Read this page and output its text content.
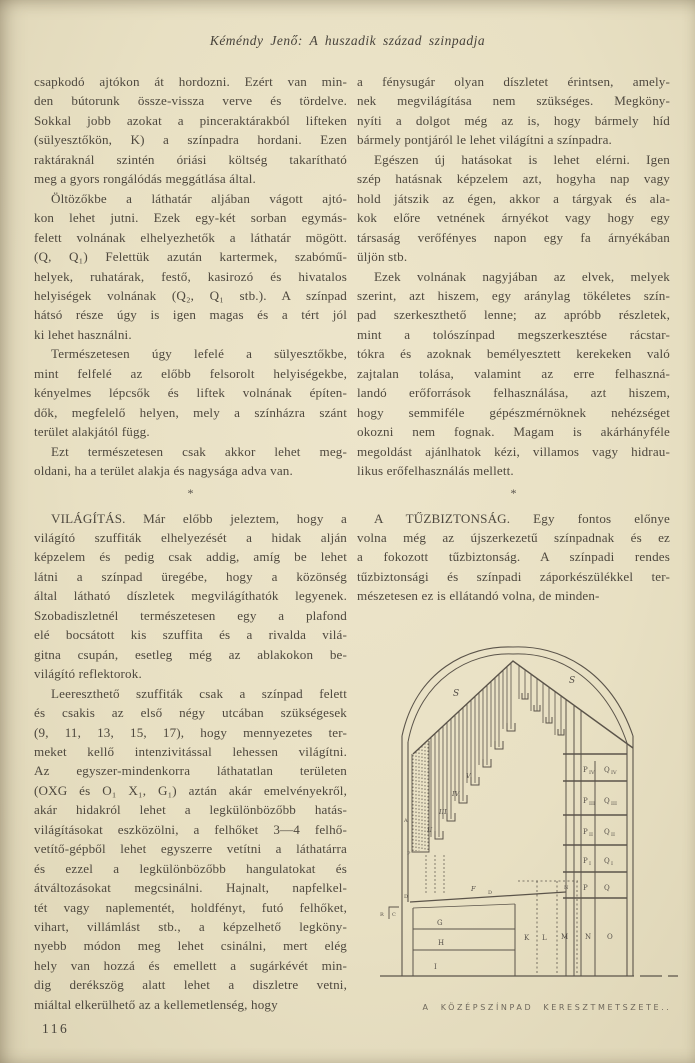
Kéméndy Jenő: A huszadik század szinpadja
csapkodó ajtókon át hordozni. Ezért van min-
den bútorunk össze-vissza verve és tördelve.
Sokkal jobb azokat a pinceraktárakból lifteken
(sülyesztőkön, K) a színpadra hordani. Ezen
raktáraknál szintén óriási költség takarítható
meg a gyors rongálódás meggátlása által.
Öltözőkbe a láthatár aljában vágott ajtó-
kon lehet jutni. Ezek egy-két sorban egymás-
felett volnának elhelyezhetők a láthatár mögött.
(Q, Q₁) Felettük azután kartermek, szabómű-
helyek, ruhatárak, festő, kasirozó és hivatalos
helyiségek volnának (Q₂, Q₁ stb.). A színpad
hátsó része úgy is igen magas és a tért jól
ki lehet használni.
Természetesen úgy lefelé a sülyesztőkbe,
mint felfelé az előbb felsorolt helyiségekbe,
kényelmes lépcsők és liftek volnának építen-
dők, megfelelő helyen, mely a színházra szánt
terület alakjától függ.
Ezt természetesen csak akkor lehet meg-
oldani, ha a terület alakja és nagysága adva van.
*
VILÁGÍTÁS. Már előbb jeleztem, hogy a
világító szuffiták elhelyezését a hidak alján
képzelem és pedig csak addig, amíg be lehet
látni a színpad üregébe, hogy a közönség
által látható díszletek megvilágíthatók legyenek.
Szobadiszletnél természetesen egy a plafond
elé bocsátott kis szuffita és a rivalda vilá-
gitna csupán, esetleg még az ablakokon be-
világító reflektorok.
Leereszthető szuffiták csak a színpad felett
és csakis az első négy utcában szükségesek
(9, 11, 13, 15, 17), hogy mennyezetes ter-
meket kellő intenzivitással lehessen világítni.
Az egyszer-mindenkorra láthatatlan területen
(OXG és O₁ X₁, G₁) aztán akár emelvényekről,
akár hidakról lehet a legkülönbözőbb hatás-
világításokat eszközölni, a felhőket 3—4 felhő-
vetítő-gépből lehet egyszerre vetítni a láthatárra
és ezzel a legkülönbözőbb hangulatokat és
átváltozásokat megcsinálni. Hajnalt, napfelkel-
tét vagy naplementét, holdfényt, futó felhőket,
vihart, villámlást stb., a képzelhető legköny-
nyebb módon meg lehet csinálni, mert elég
hely van hozzá és emellett a sugárkévét min-
dig derékszög alatt lehet a diszletre vetni,
miáltal elkerülhető az a kellemetlenség, hogy
a fénysugár olyan díszletet érintsen, amely-
nek megvilágítása nem szükséges. Megköny-
nyíti a dolgot még az is, hogy bármely híd
bármely pontjáról le lehet világítni a színpadra.
Egészen új hatásokat is lehet elérni. Igen
szép hatásnak képzelem azt, hogyha nap vagy
hold játszik az égen, akkor a tárgyak és ala-
kok előre vetnének árnyékot vagy hogy egy
társaság verőfényes napon egy fa árnyékában
üljön stb.
Ezek volnának nagyjában az elvek, melyek
szerint, azt hiszem, egy aránylag tökéletes szín-
pad szerkeszthető lenne; az apróbb részletek,
mint a tolószínpad megszerkesztése rácstar-
tókra és azoknak bemélyesztett kerekeken való
zajtalan tolása, valamint az erre felhaszná-
landó erőforrások felhasználása, azt hiszem,
hogy semmiféle gépészmérnöknek nehézséget
okozni nem fognak. Magam is akárhányféle
megoldást ajánlhatok kézi, villamos vagy hidrau-
likus erőfelhasználás mellett.
*
A TŰZBIZTONSÁG. Egy fontos előnye
volna még az újszerkezetű színpadnak és ez
a fokozott tűzbiztonság. A színpadi rendes
tűzbiztonsági és színpadi záporkészülékkel ter-
mészetesen ez is ellátandó volna, de minden-
S
S
II
III
IV
V
A
P
R C
D
F D
G
H
I
K L M N O
N
P IV Q IV
P III Q III
P II Q II
P I Q I
P Q
A KÖZÉPSZÍNPAD KERESZTMETSZETE..
116
